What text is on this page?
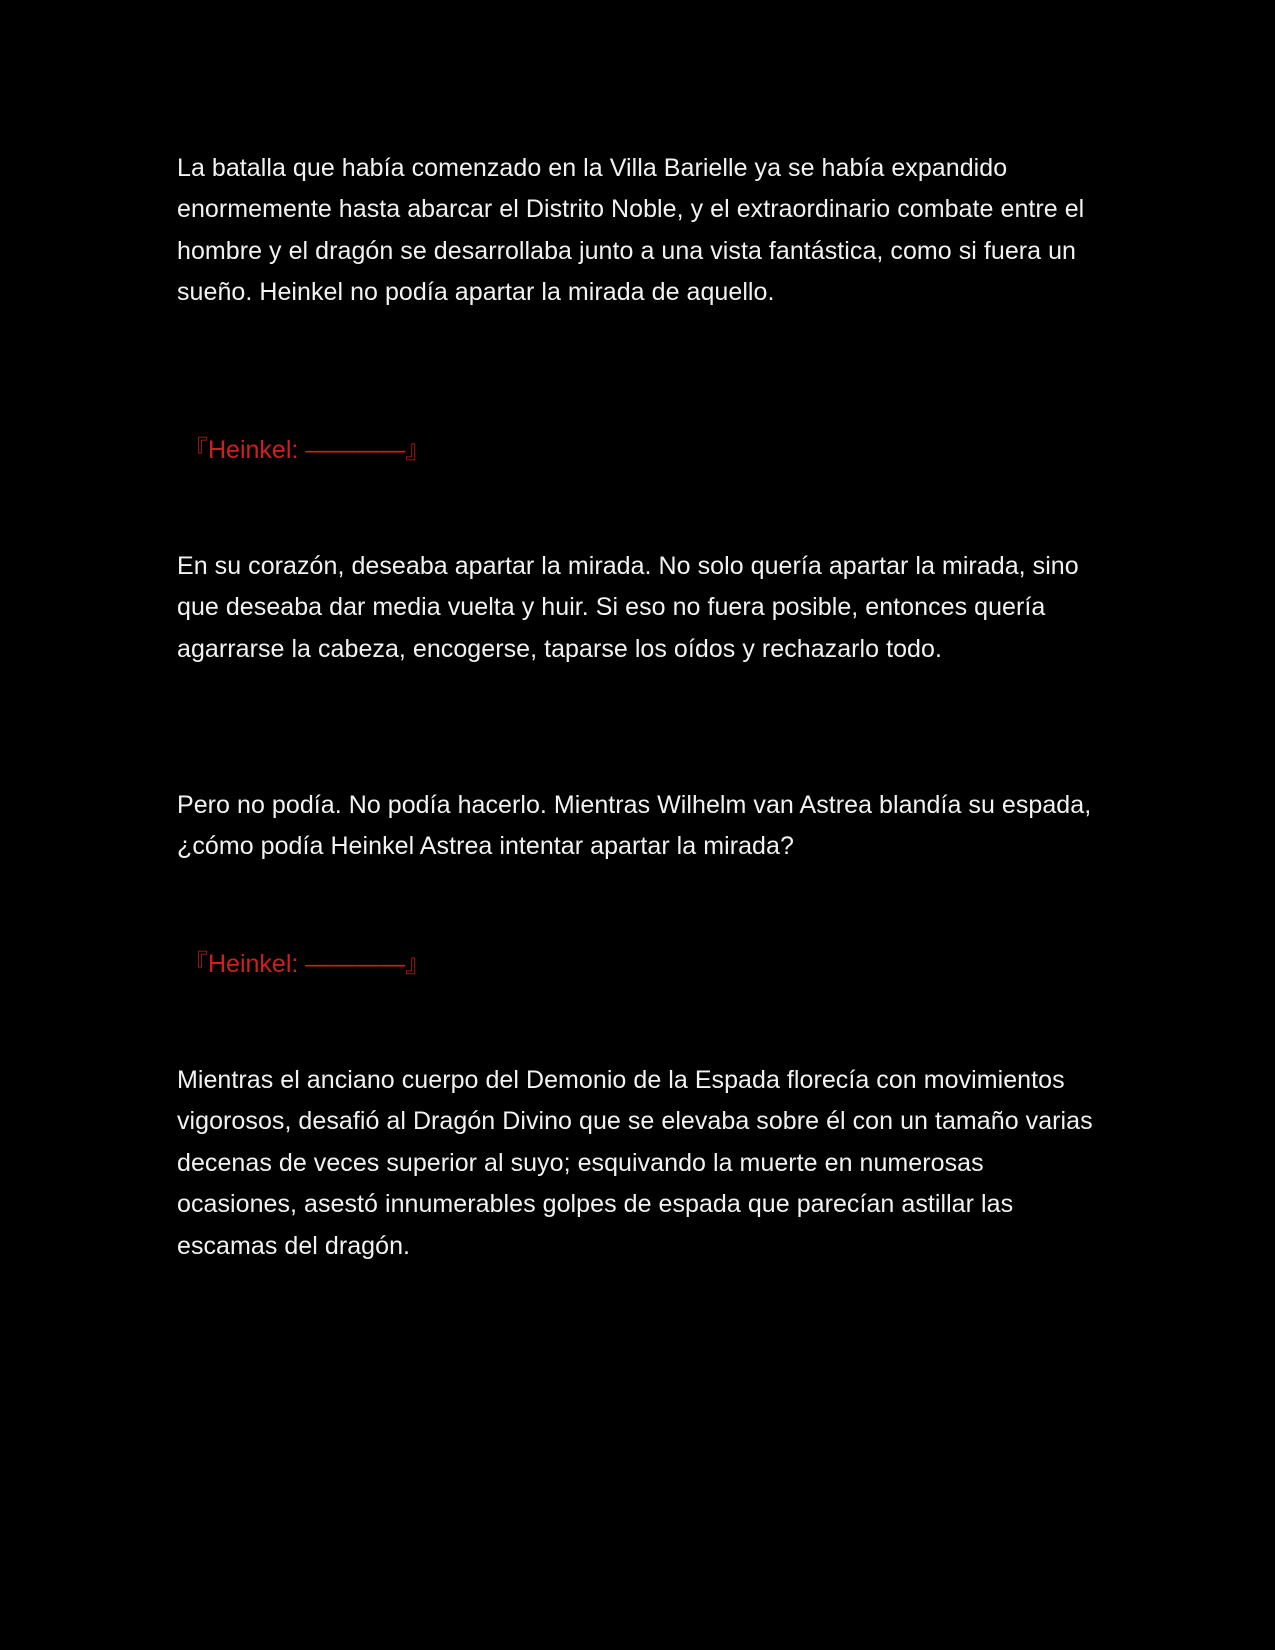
La batalla que había comenzado en la Villa Barielle ya se había expandido enormemente hasta abarcar el Distrito Noble, y el extraordinario combate entre el hombre y el dragón se desarrollaba junto a una vista fantástica, como si fuera un sueño. Heinkel no podía apartar la mirada de aquello.

『Heinkel: ――――』

En su corazón, deseaba apartar la mirada. No solo quería apartar la mirada, sino que deseaba dar media vuelta y huir. Si eso no fuera posible, entonces quería agarrarse la cabeza, encogerse, taparse los oídos y rechazarlo todo.

Pero no podía. No podía hacerlo. Mientras Wilhelm van Astrea blandía su espada, ¿cómo podía Heinkel Astrea intentar apartar la mirada?

『Heinkel: ――――』

Mientras el anciano cuerpo del Demonio de la Espada florecía con movimientos vigorosos, desafió al Dragón Divino que se elevaba sobre él con un tamaño varias decenas de veces superior al suyo; esquivando la muerte en numerosas ocasiones, asestó innumerables golpes de espada que parecían astillar las escamas del dragón.
